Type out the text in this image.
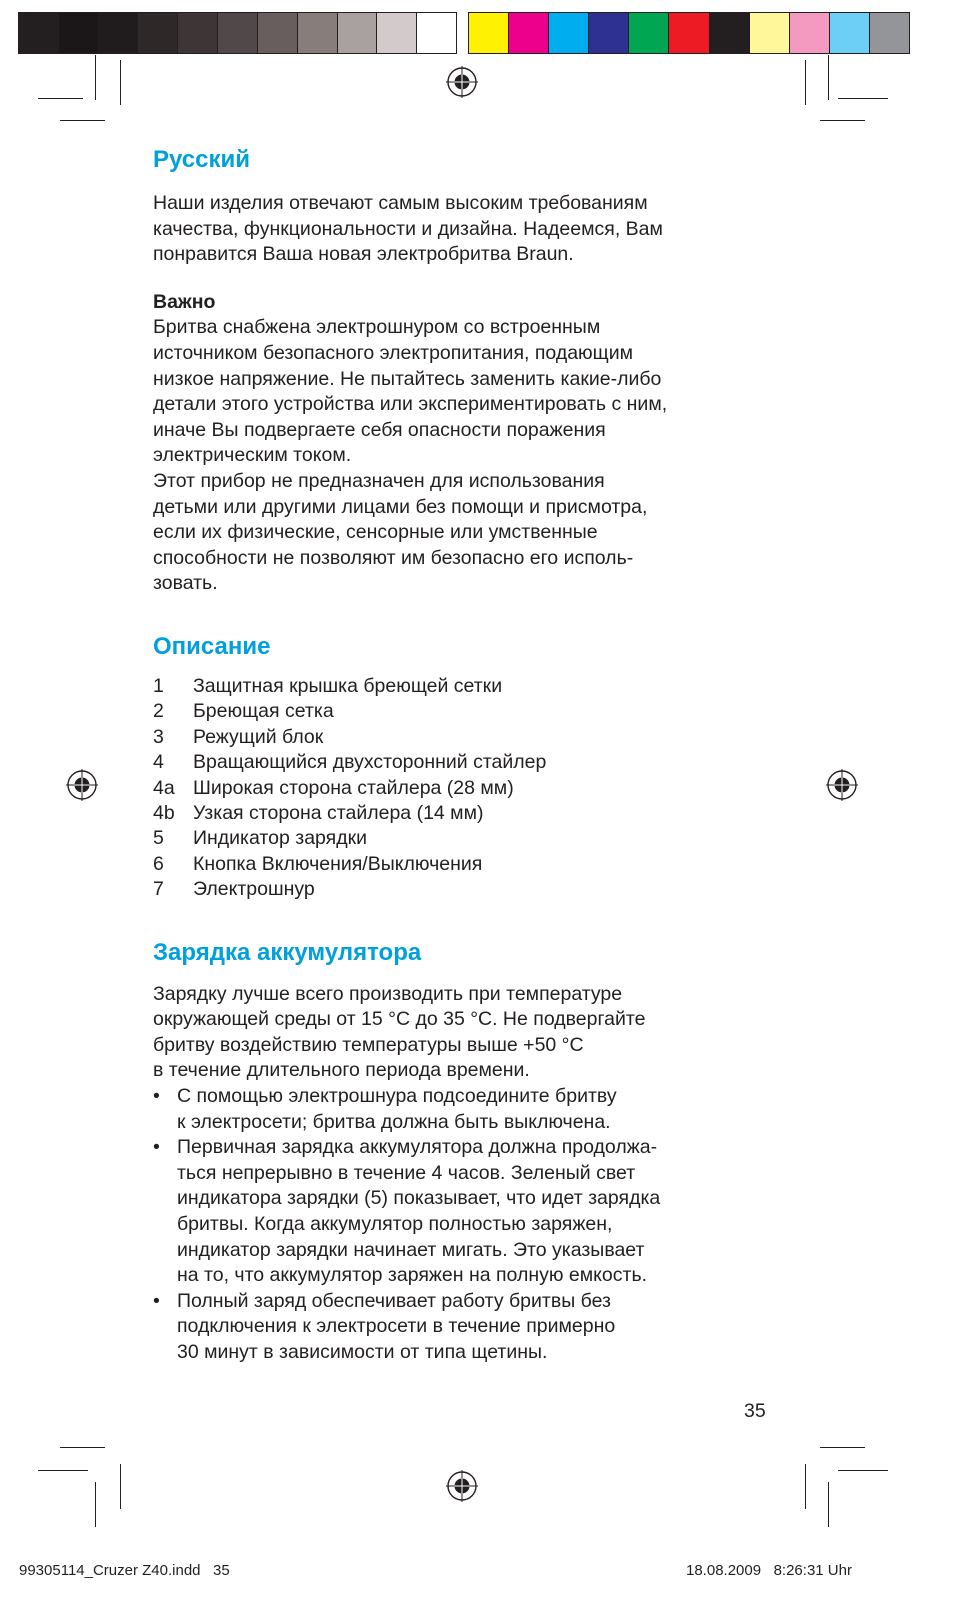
Русский

Наши изделия отвечают самым высоким требованиям

качества, функциональности и дизайна. Надеемся, Вам

понравится Ваша новая электробритва Braun.

Важно

Бритва снабжена электрошнуром со встроенным

источником безопасного электропитания, подающим

низкое напряжение. Не пытайтесь заменить какие-либо

детали этого устройства или экспериментировать с ним,

иначе Вы подвергаете себя опасности поражения

электрическим током.

Этот прибор не предназначен для использования

детьми или другими лицами без помощи и присмотра,

если их физические, сенсорные или умственные

способности не позволяют им безопасно его исполь-

зовать.

Описание
1	Защитная крышка бреющей сетки
2	Бреющая сетка
3	Режущий блок
4	Вращающийся двухсторонний стайлер
4a Широкая сторона стайлера (28 мм)
4b Узкая сторона стайлера (14 мм)
5	Индикатор зарядки
6	Кнопка Включения/Выключения
7	Электрошнур
Зарядка аккумулятора

Зарядку лучше всего производить при температуре

окружающей среды от 15 °C до 35 °C. Не подвергайте

бритву воздействию температуры выше +50 °C

в течение длительного периода времени.

• С помощью электрошнура подсоедините бритву

к электросети; бритва должна быть выключена.

• Первичная зарядка аккумулятора должна продолжа-

ться непрерывно в течение 4 часов. Зеленый свет

индикатора зарядки (5) показывает, что идет зарядка

бритвы. Когда аккумулятор полностью заряжен,

индикатор зарядки начинает мигать. Это указывает

на то, что аккумулятор заряжен на полную емкость.

• Полный заряд обеспечивает работу бритвы без

подключения к электросети в течение примерно

30 минут в зависимости от типа щетины.

35
99305114_Cruzer Z40.indd   35	18.08.2009   8:26:31 Uhr
